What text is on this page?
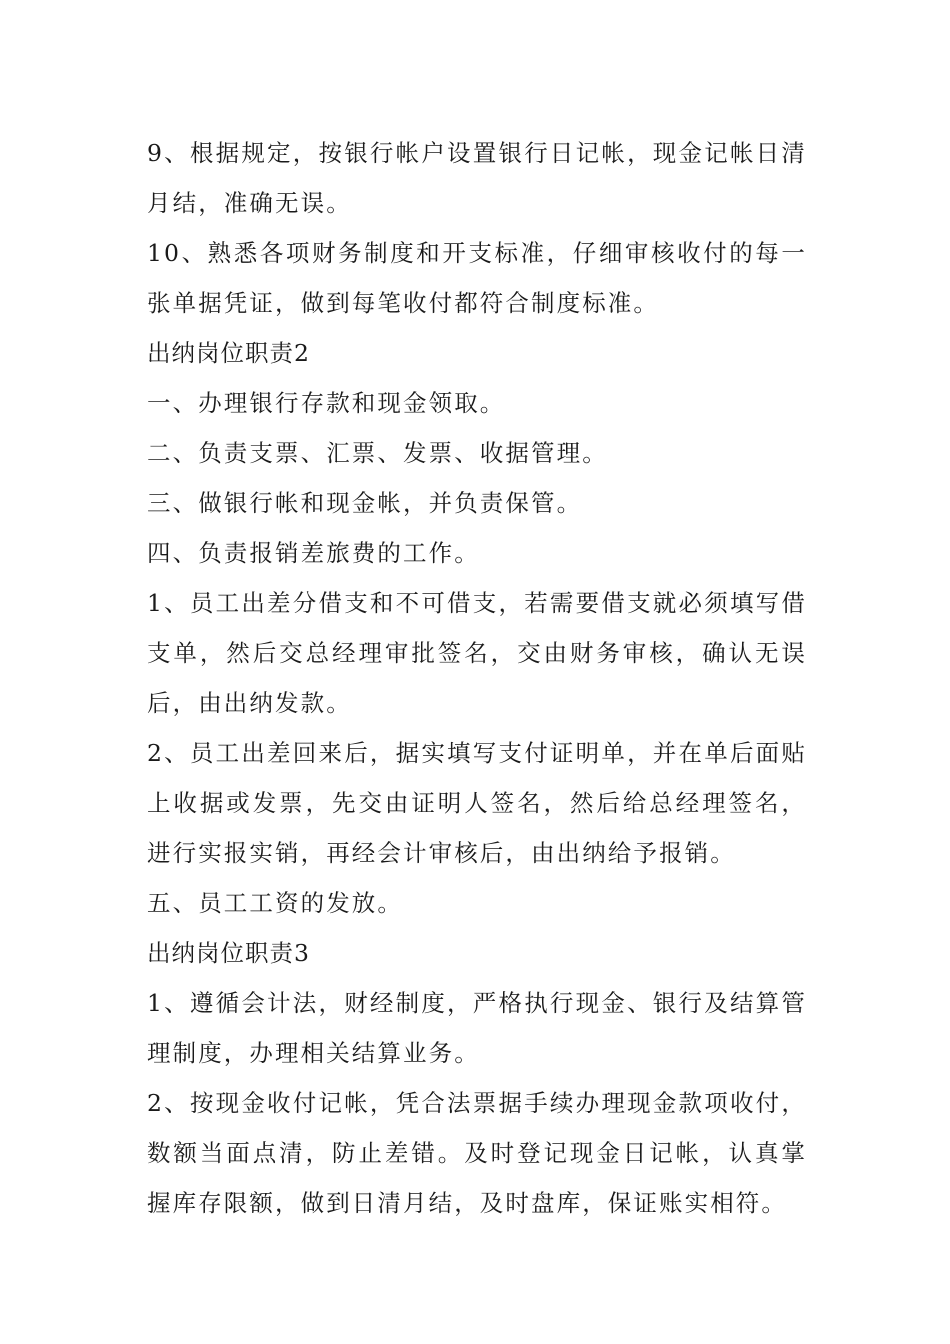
9、根据规定，按银行帐户设置银行日记帐，现金记帐日清月结，准确无误。

10、熟悉各项财务制度和开支标准，仔细审核收付的每一张单据凭证，做到每笔收付都符合制度标准。

出纳岗位职责2

一、办理银行存款和现金领取。

二、负责支票、汇票、发票、收据管理。

三、做银行帐和现金帐，并负责保管。

四、负责报销差旅费的工作。

1、员工出差分借支和不可借支，若需要借支就必须填写借支单，然后交总经理审批签名，交由财务审核，确认无误后，由出纳发款。

2、员工出差回来后，据实填写支付证明单，并在单后面贴上收据或发票，先交由证明人签名，然后给总经理签名，进行实报实销，再经会计审核后，由出纳给予报销。

五、员工工资的发放。

出纳岗位职责3

1、遵循会计法，财经制度，严格执行现金、银行及结算管理制度，办理相关结算业务。

2、按现金收付记帐，凭合法票据手续办理现金款项收付，数额当面点清，防止差错。及时登记现金日记帐，认真掌握库存限额，做到日清月结，及时盘库，保证账实相符。
